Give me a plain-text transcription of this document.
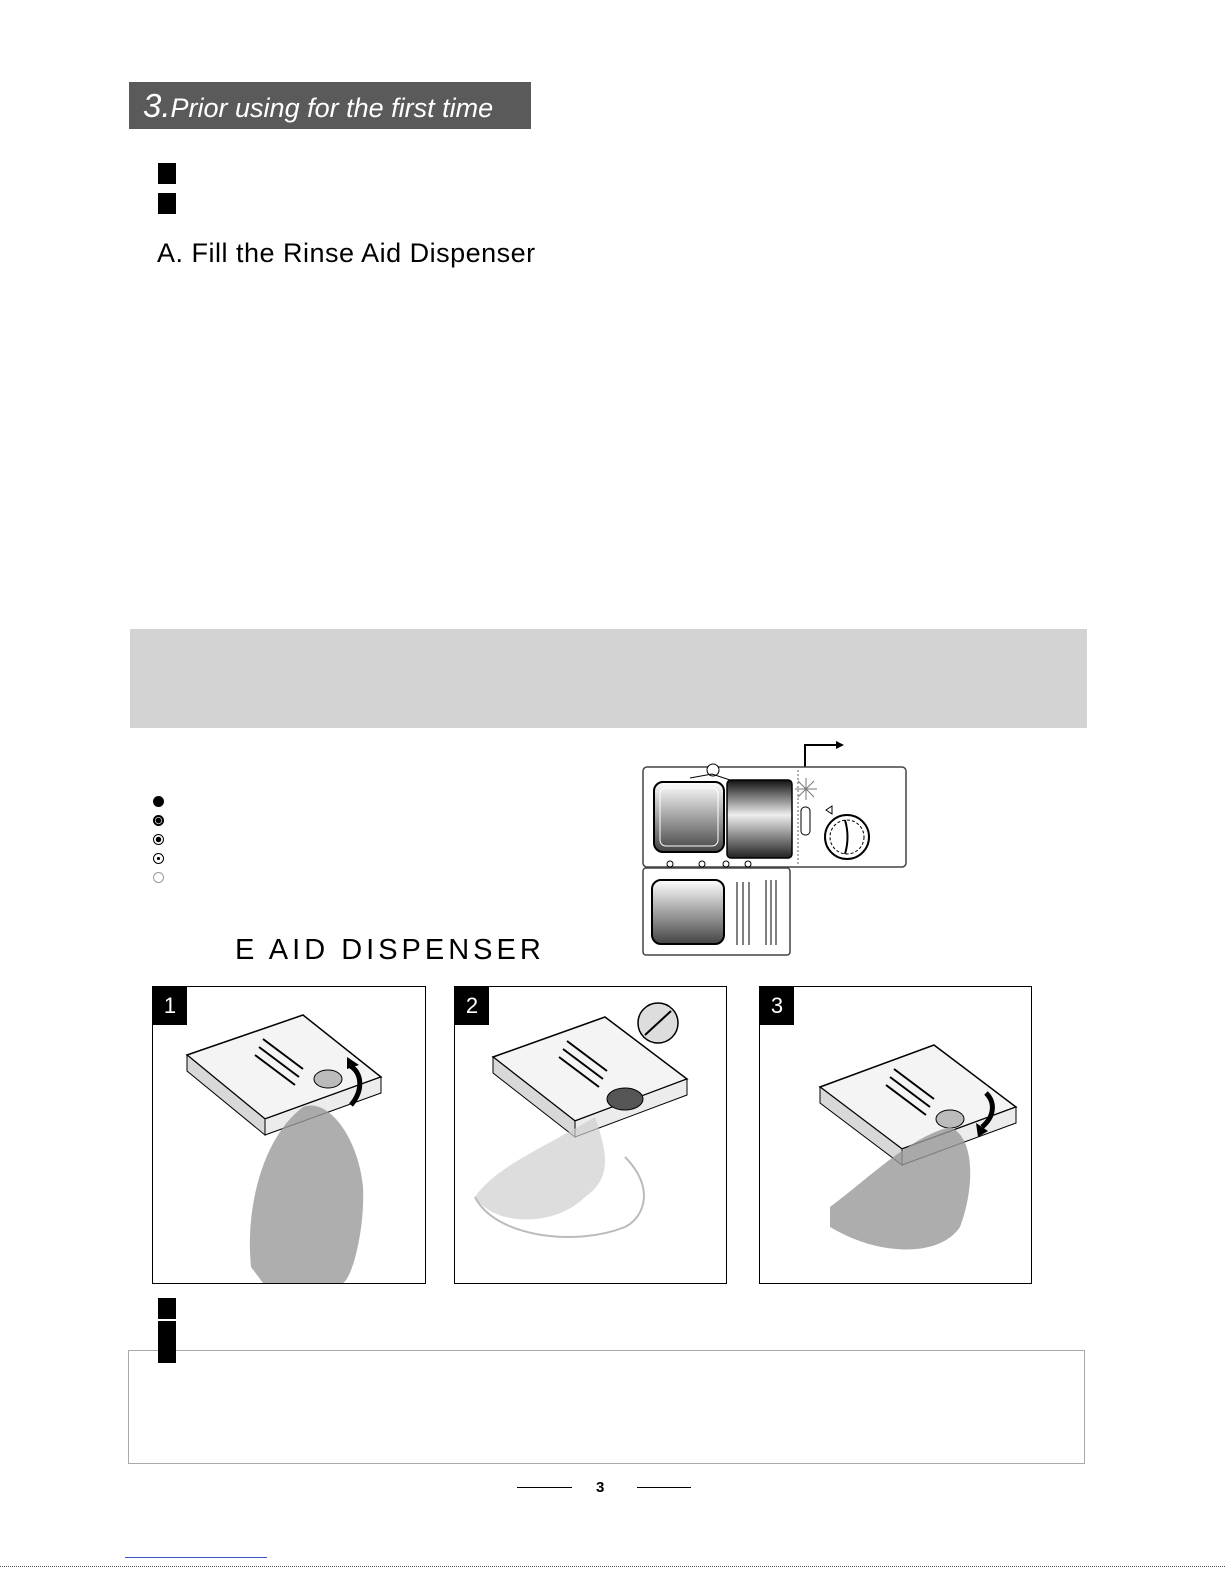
3.Prior using for the first time
A. Fill the Rinse Aid Dispenser
E AID DISPENSER
1	2	3
3
